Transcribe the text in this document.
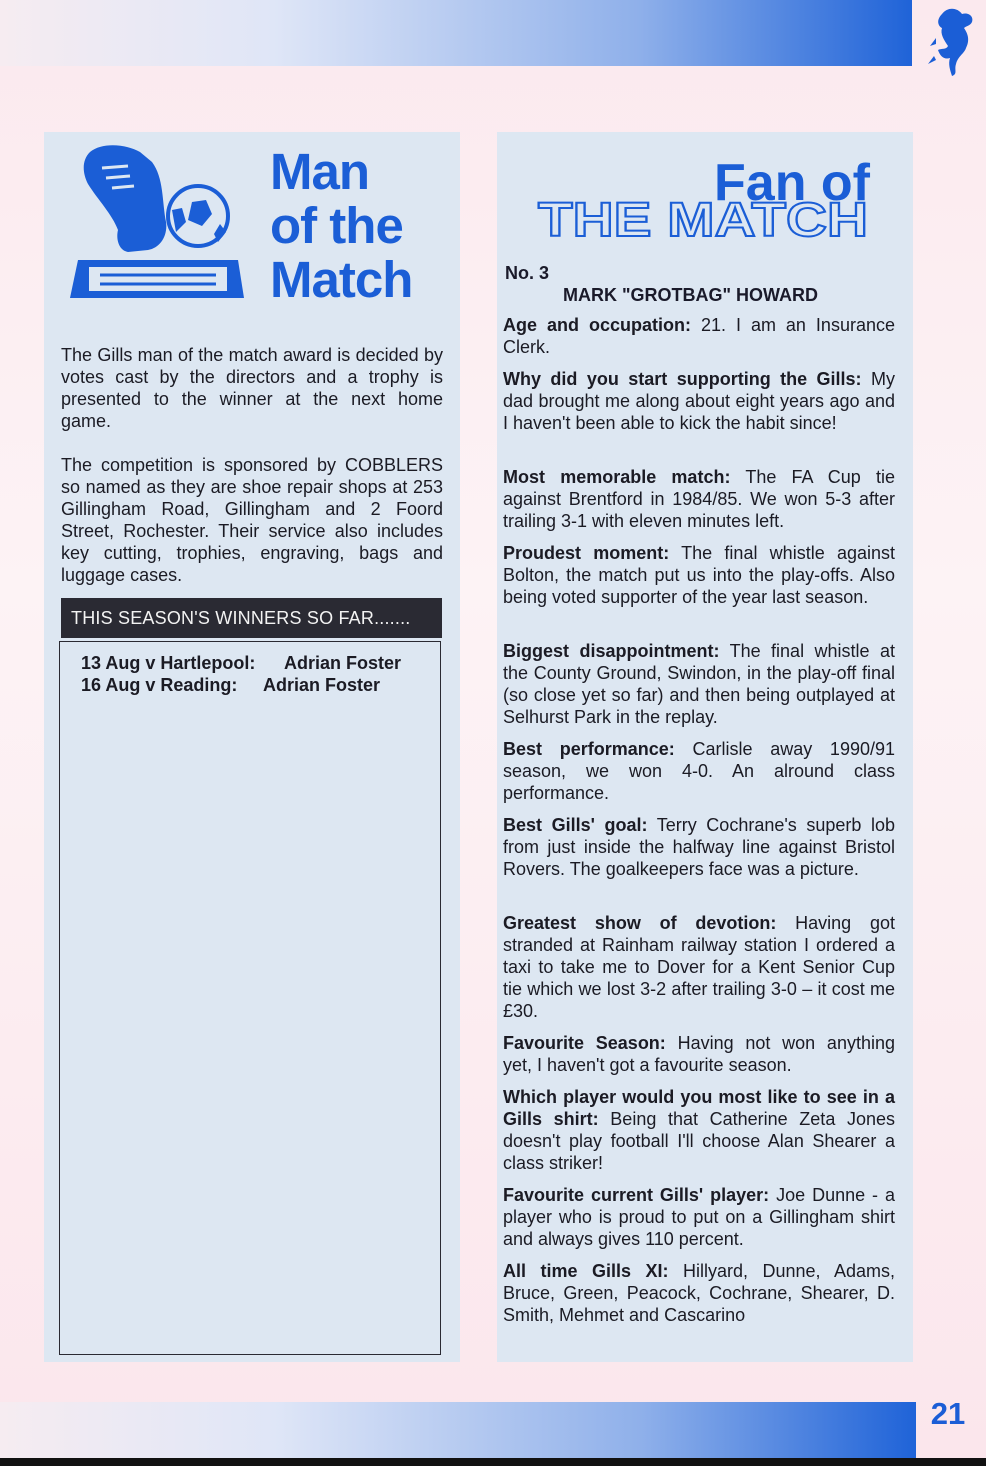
Man
of the
Match
The Gills man of the match award is decided by votes cast by the directors and a trophy is presented to the winner at the next home game.
The competition is sponsored by COBBLERS so named as they are shoe repair shops at 253 Gillingham Road, Gillingham and 2 Foord Street, Rochester. Their service also includes key cutting, trophies, engraving, bags and luggage cases.
THIS SEASON'S WINNERS SO FAR.......
13 Aug v Hartlepool: Adrian Foster
16 Aug v Reading: Adrian Foster
THE MATCH
Fan of
No. 3
MARK "GROTBAG" HOWARD
Age and occupation: 21. I am an Insurance Clerk.
Why did you start supporting the Gills: My dad brought me along about eight years ago and I haven't been able to kick the habit since!
Most memorable match: The FA Cup tie against Brentford in 1984/85. We won 5-3 after trailing 3-1 with eleven minutes left.
Proudest moment: The final whistle against Bolton, the match put us into the play-offs. Also being voted supporter of the year last season.
Biggest disappointment: The final whistle at the County Ground, Swindon, in the play-off final (so close yet so far) and then being outplayed at Selhurst Park in the replay.
Best performance: Carlisle away 1990/91 season, we won 4-0. An alround class performance.
Best Gills' goal: Terry Cochrane's superb lob from just inside the halfway line against Bristol Rovers. The goalkeepers face was a picture.
Greatest show of devotion: Having got stranded at Rainham railway station I ordered a taxi to take me to Dover for a Kent Senior Cup tie which we lost 3-2 after trailing 3-0 – it cost me £30.
Favourite Season: Having not won anything yet, I haven't got a favourite season.
Which player would you most like to see in a Gills shirt: Being that Catherine Zeta Jones doesn't play football I'll choose Alan Shearer a class striker!
Favourite current Gills' player: Joe Dunne - a player who is proud to put on a Gillingham shirt and always gives 110 percent.
All time Gills XI: Hillyard, Dunne, Adams, Bruce, Green, Peacock, Cochrane, Shearer, D. Smith, Mehmet and Cascarino
21
